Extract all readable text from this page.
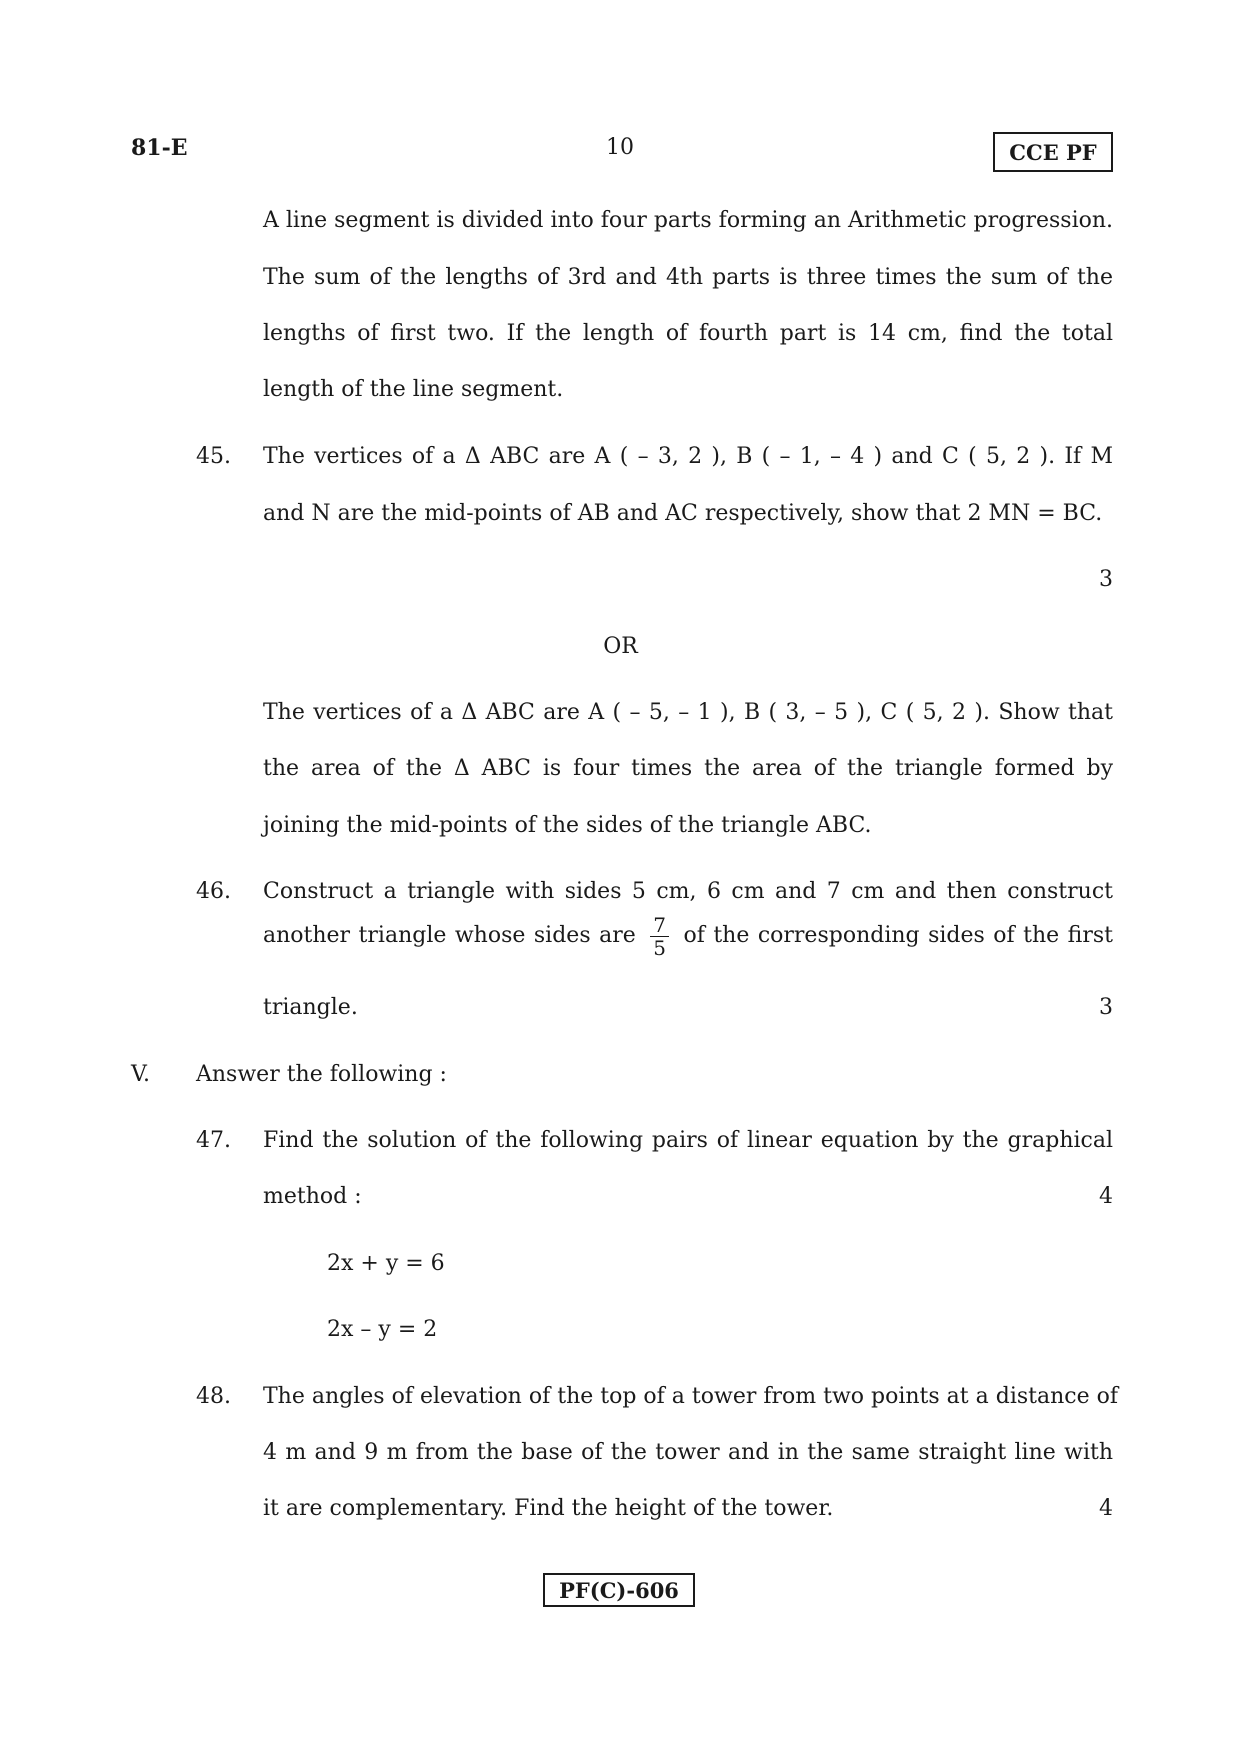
81-E	10	CCE PF
A line segment is divided into four parts forming an Arithmetic progression.
The sum of the lengths of 3rd and 4th parts is three times the sum of the
lengths of first two. If the length of fourth part is 14 cm, find the total
length of the line segment.
45. The vertices of a Δ ABC are A ( – 3, 2 ), B ( – 1, – 4 ) and C ( 5, 2 ). If M
and N are the mid-points of AB and AC respectively, show that 2 MN = BC.
3
OR
The vertices of a Δ ABC are A ( – 5, – 1 ), B ( 3, – 5 ), C ( 5, 2 ). Show that
the area of the Δ ABC is four times the area of the triangle formed by
joining the mid-points of the sides of the triangle ABC.
46. Construct a triangle with sides 5 cm, 6 cm and 7 cm and then construct
another triangle whose sides are $\frac{7}{5}$ of the corresponding sides of the first
triangle.	3
V. Answer the following :
47. Find the solution of the following pairs of linear equation by the graphical
method :	4
2x + y = 6
2x – y = 2
48. The angles of elevation of the top of a tower from two points at a distance of
4 m and 9 m from the base of the tower and in the same straight line with
it are complementary. Find the height of the tower.	4
PF(C)-606
